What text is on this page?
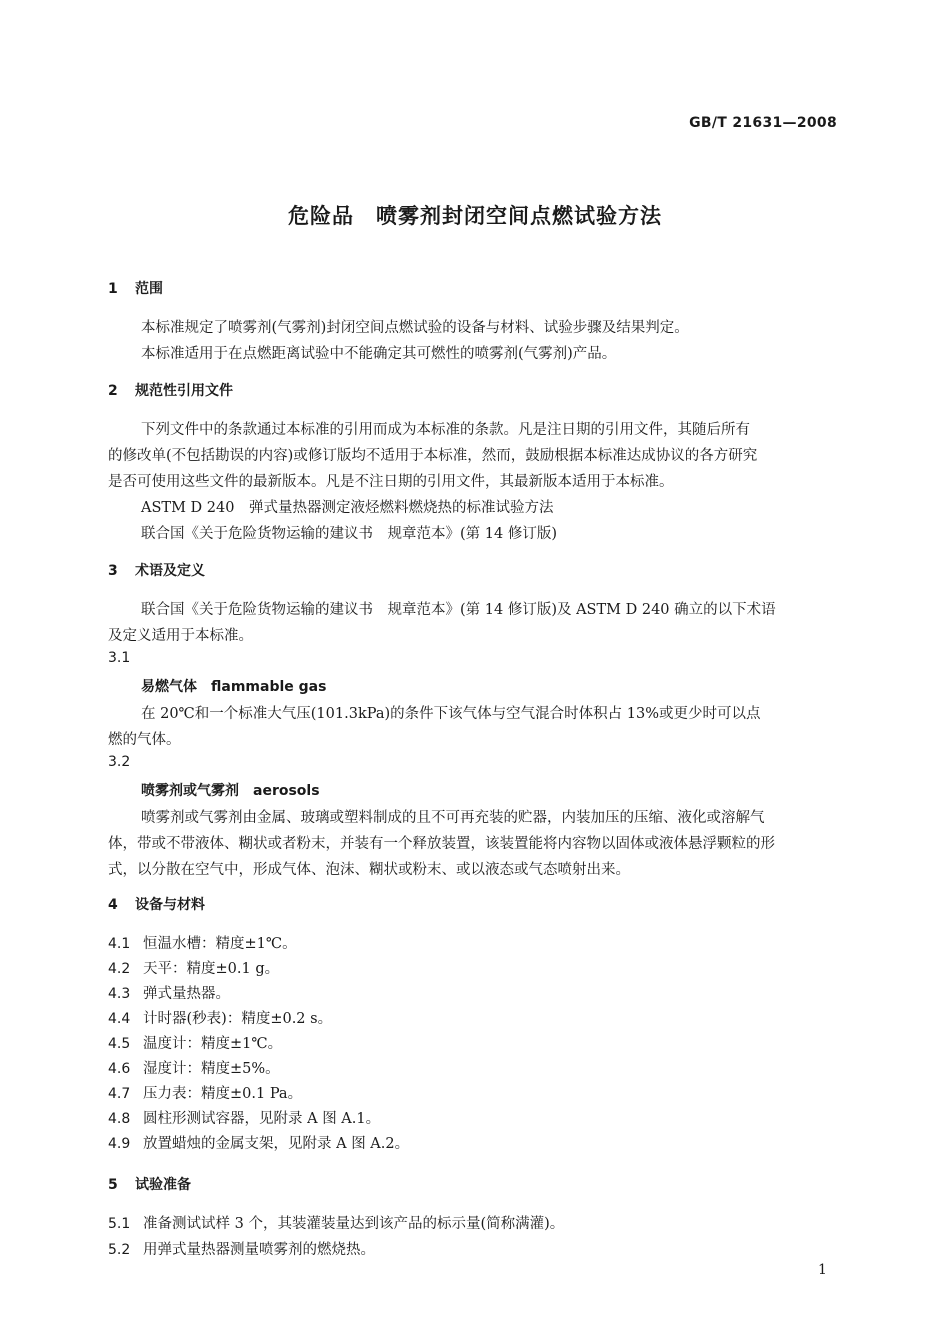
GB/T 21631—2008
危险品　喷雾剂封闭空间点燃试验方法
1 范围
本标准规定了喷雾剂(气雾剂)封闭空间点燃试验的设备与材料、试验步骤及结果判定。
本标准适用于在点燃距离试验中不能确定其可燃性的喷雾剂(气雾剂)产品。
2 规范性引用文件
下列文件中的条款通过本标准的引用而成为本标准的条款。凡是注日期的引用文件，其随后所有
的修改单(不包括勘误的内容)或修订版均不适用于本标准，然而，鼓励根据本标准达成协议的各方研究
是否可使用这些文件的最新版本。凡是不注日期的引用文件，其最新版本适用于本标准。
ASTM D 240　弹式量热器测定液烃燃料燃烧热的标准试验方法
联合国《关于危险货物运输的建议书　规章范本》(第 14 修订版)
3 术语及定义
联合国《关于危险货物运输的建议书　规章范本》(第 14 修订版)及 ASTM D 240 确立的以下术语
及定义适用于本标准。
3.1
易燃气体　flammable gas
在 20℃和一个标准大气压(101.3kPa)的条件下该气体与空气混合时体积占 13%或更少时可以点
燃的气体。
3.2
喷雾剂或气雾剂　aerosols
喷雾剂或气雾剂由金属、玻璃或塑料制成的且不可再充装的贮器，内装加压的压缩、液化或溶解气
体，带或不带液体、糊状或者粉末，并装有一个释放装置，该装置能将内容物以固体或液体悬浮颗粒的形
式，以分散在空气中，形成气体、泡沫、糊状或粉末、或以液态或气态喷射出来。
4 设备与材料
4.1 恒温水槽：精度±1℃。
4.2 天平：精度±0.1 g。
4.3 弹式量热器。
4.4 计时器(秒表)：精度±0.2 s。
4.5 温度计：精度±1℃。
4.6 湿度计：精度±5%。
4.7 压力表：精度±0.1 Pa。
4.8 圆柱形测试容器，见附录 A 图 A.1。
4.9 放置蜡烛的金属支架，见附录 A 图 A.2。
5 试验准备
5.1 准备测试试样 3 个，其装灌装量达到该产品的标示量(简称满灌)。
5.2 用弹式量热器测量喷雾剂的燃烧热。
1
